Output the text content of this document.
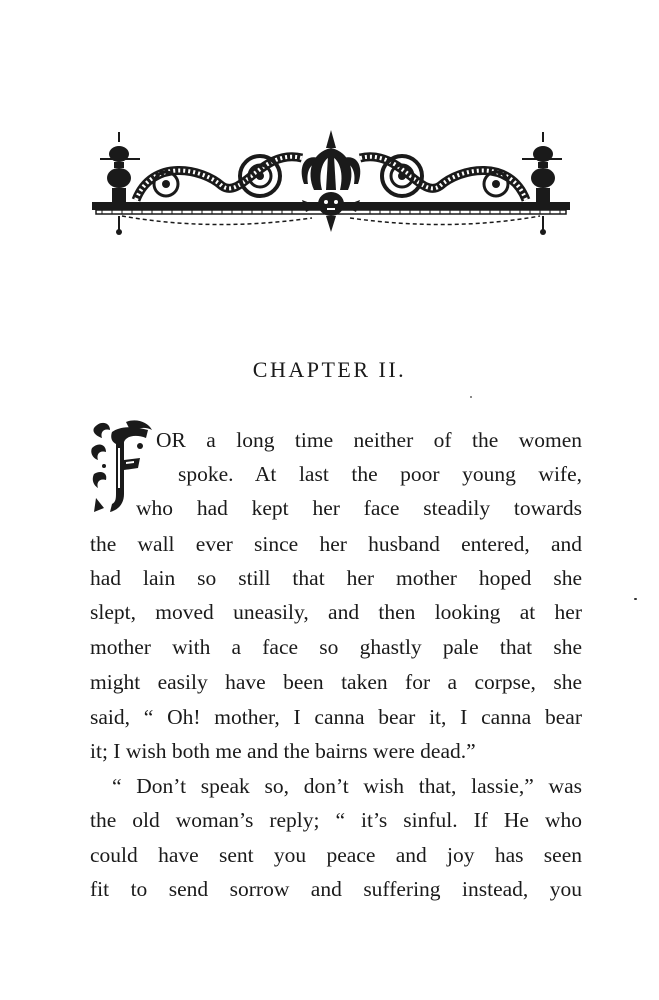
CHAPTER II.
OR a long time neither of the women
spoke. At last the poor young wife,
who had kept her face steadily towards
the wall ever since her husband entered, and
had lain so still that her mother hoped she
slept, moved uneasily, and then looking at her
mother with a face so ghastly pale that she
might easily have been taken for a corpse, she
said, “ Oh! mother, I canna bear it, I canna bear
it; I wish both me and the bairns were dead.”
“ Don’t speak so, don’t wish that, lassie,” was
the old woman’s reply; “ it’s sinful. If He who
could have sent you peace and joy has seen
fit to send sorrow and suffering instead, you
